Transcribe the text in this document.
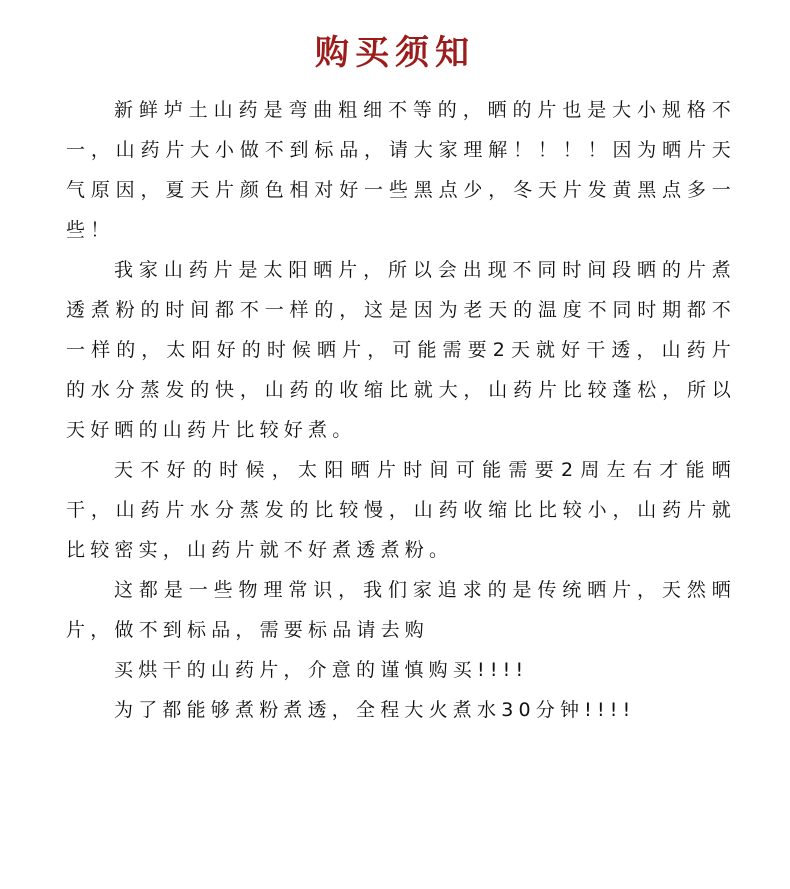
购买须知

新鲜垆土山药是弯曲粗细不等的，晒的片也是大小规格不一，山药片大小做不到标品，请大家理解！！！！因为晒片天气原因，夏天片颜色相对好一些黑点少，冬天片发黄黑点多一些！

我家山药片是太阳晒片，所以会出现不同时间段晒的片煮透煮粉的时间都不一样的，这是因为老天的温度不同时期都不一样的，太阳好的时候晒片，可能需要2天就好干透，山药片的水分蒸发的快，山药的收缩比就大，山药片比较蓬松，所以天好晒的山药片比较好煮。

天不好的时候，太阳晒片时间可能需要2周左右才能晒干，山药片水分蒸发的比较慢，山药收缩比比较小，山药片就比较密实，山药片就不好煮透煮粉。

这都是一些物理常识，我们家追求的是传统晒片，天然晒片，做不到标品，需要标品请去购

买烘干的山药片，介意的谨慎购买!!!!

为了都能够煮粉煮透，全程大火煮水30分钟!!!!
